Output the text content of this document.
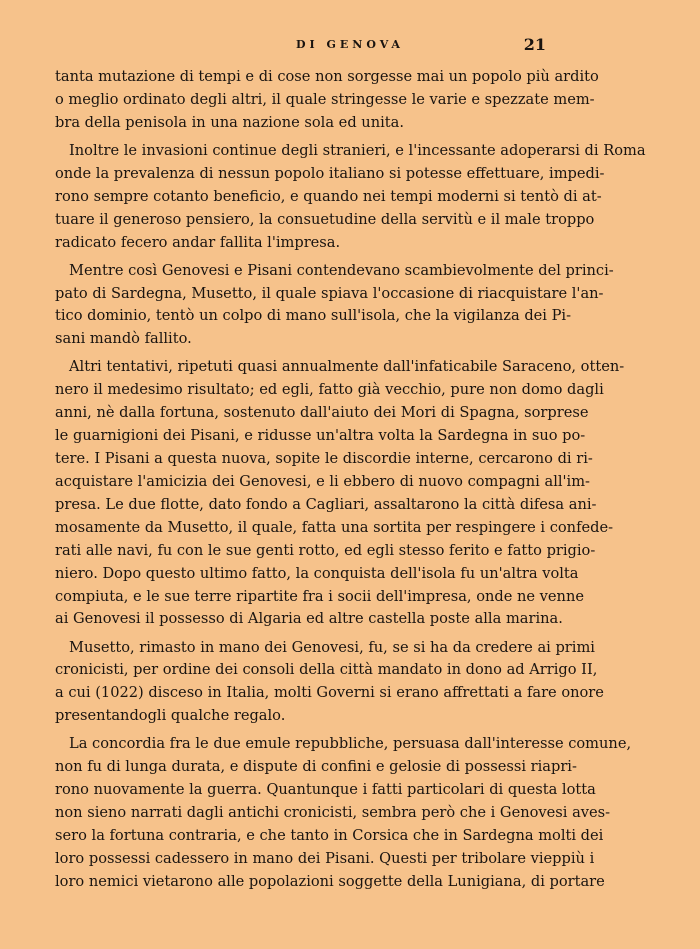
DI GENOVA	21

tanta mutazione di tempi e di cose non sorgesse mai un popolo più ardito
o meglio ordinato degli altri, il quale stringesse le varie e spezzate mem-
bra della penisola in una nazione sola ed unita.

Inoltre le invasioni continue degli stranieri, e l'incessante adoperarsi di Roma
onde la prevalenza di nessun popolo italiano si potesse effettuare, impedi-
rono sempre cotanto beneficio, e quando nei tempi moderni si tentò di at-
tuare il generoso pensiero, la consuetudine della servitù e il male troppo
radicato fecero andar fallita l'impresa.

Mentre così Genovesi e Pisani contendevano scambievolmente del princi-
pato di Sardegna, Musetto, il quale spiava l'occasione di riacquistare l'an-
tico dominio, tentò un colpo di mano sull'isola, che la vigilanza dei Pi-
sani mandò fallito.

Altri tentativi, ripetuti quasi annualmente dall'infaticabile Saraceno, otten-
nero il medesimo risultato; ed egli, fatto già vecchio, pure non domo dagli
anni, nè dalla fortuna, sostenuto dall'aiuto dei Mori di Spagna, sorprese
le guarnigioni dei Pisani, e ridusse un'altra volta la Sardegna in suo po-
tere. I Pisani a questa nuova, sopite le discordie interne, cercarono di ri-
acquistare l'amicizia dei Genovesi, e li ebbero di nuovo compagni all'im-
presa. Le due flotte, dato fondo a Cagliari, assaltarono la città difesa ani-
mosamente da Musetto, il quale, fatta una sortita per respingere i confede-
rati alle navi, fu con le sue genti rotto, ed egli stesso ferito e fatto prigio-
niero. Dopo questo ultimo fatto, la conquista dell'isola fu un'altra volta
compiuta, e le sue terre ripartite fra i socii dell'impresa, onde ne venne
ai Genovesi il possesso di Algaria ed altre castella poste alla marina.

Musetto, rimasto in mano dei Genovesi, fu, se si ha da credere ai primi
cronicisti, per ordine dei consoli della città mandato in dono ad Arrigo II,
a cui (1022) disceso in Italia, molti Governi si erano affrettati a fare onore
presentandogli qualche regalo.

La concordia fra le due emule repubbliche, persuasa dall'interesse comune,
non fu di lunga durata, e dispute di confini e gelosie di possessi riapri-
rono nuovamente la guerra. Quantunque i fatti particolari di questa lotta
non sieno narrati dagli antichi cronicisti, sembra però che i Genovesi aves-
sero la fortuna contraria, e che tanto in Corsica che in Sardegna molti dei
loro possessi cadessero in mano dei Pisani. Questi per tribolare vieppiù i
loro nemici vietarono alle popolazioni soggette della Lunigiana, di portare
